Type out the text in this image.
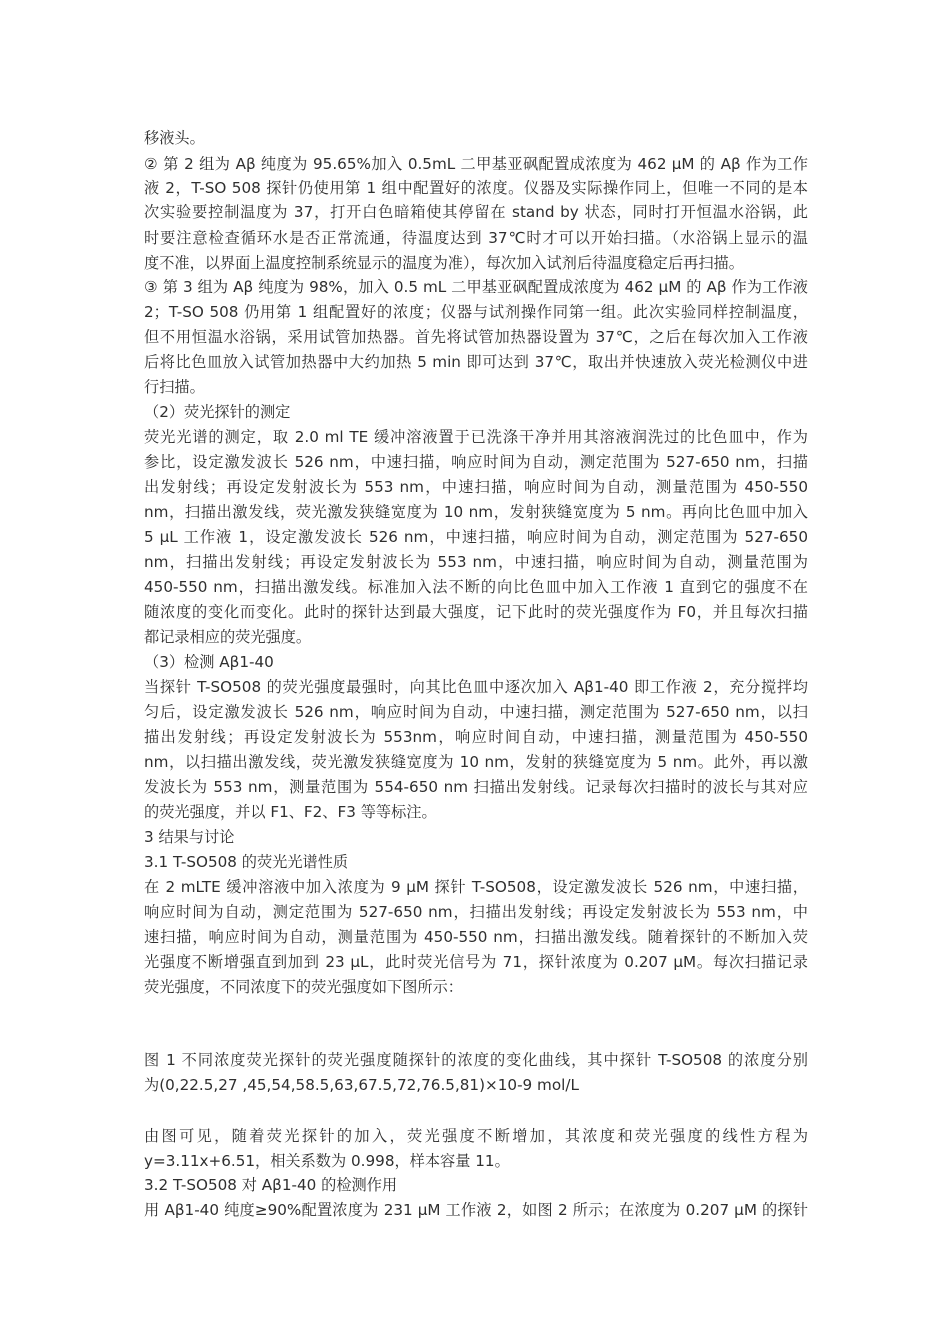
移液头。
② 第 2 组为 Aβ 纯度为 95.65%加入 0.5mL 二甲基亚砜配置成浓度为 462 μM 的 Aβ 作为工作
液 2，T-SO 508 探针仍使用第 1 组中配置好的浓度。仪器及实际操作同上，但唯一不同的是本
次实验要控制温度为 37，打开白色暗箱使其停留在 stand by 状态，同时打开恒温水浴锅，此
时要注意检查循环水是否正常流通，待温度达到 37℃时才可以开始扫描。（水浴锅上显示的温
度不准，以界面上温度控制系统显示的温度为准），每次加入试剂后待温度稳定后再扫描。
③ 第 3 组为 Aβ 纯度为 98%，加入 0.5 mL 二甲基亚砜配置成浓度为 462 μM 的 Aβ 作为工作液
2；T-SO 508 仍用第 1 组配置好的浓度；仪器与试剂操作同第一组。此次实验同样控制温度，
但不用恒温水浴锅，采用试管加热器。首先将试管加热器设置为 37℃，之后在每次加入工作液
后将比色皿放入试管加热器中大约加热 5 min 即可达到 37℃，取出并快速放入荧光检测仪中进
行扫描。
（2）荧光探针的测定
荧光光谱的测定，取 2.0 ml TE 缓冲溶液置于已洗涤干净并用其溶液润洗过的比色皿中，作为
参比，设定激发波长 526 nm，中速扫描，响应时间为自动，测定范围为 527-650 nm，扫描
出发射线；再设定发射波长为 553 nm，中速扫描，响应时间为自动，测量范围为 450-550
nm，扫描出激发线，荧光激发狭缝宽度为 10 nm，发射狭缝宽度为 5 nm。再向比色皿中加入
5 μL 工作液 1，设定激发波长 526 nm，中速扫描，响应时间为自动，测定范围为 527-650
nm，扫描出发射线；再设定发射波长为 553 nm，中速扫描，响应时间为自动，测量范围为
450-550 nm，扫描出激发线。标准加入法不断的向比色皿中加入工作液 1 直到它的强度不在
随浓度的变化而变化。此时的探针达到最大强度，记下此时的荧光强度作为 F0，并且每次扫描
都记录相应的荧光强度。
（3）检测 Aβ1-40
当探针 T-SO508 的荧光强度最强时，向其比色皿中逐次加入 Aβ1-40 即工作液 2，充分搅拌均
匀后，设定激发波长 526 nm，响应时间为自动，中速扫描，测定范围为 527-650 nm，以扫
描出发射线；再设定发射波长为 553nm，响应时间自动，中速扫描，测量范围为 450-550
nm，以扫描出激发线，荧光激发狭缝宽度为 10 nm，发射的狭缝宽度为 5 nm。此外，再以激
发波长为 553 nm，测量范围为 554-650 nm 扫描出发射线。记录每次扫描时的波长与其对应
的荧光强度，并以 F1、F2、F3 等等标注。
3 结果与讨论
3.1 T-SO508 的荧光光谱性质
在 2 mLTE 缓冲溶液中加入浓度为 9 μM 探针 T-SO508，设定激发波长 526 nm，中速扫描，
响应时间为自动，测定范围为 527-650 nm，扫描出发射线；再设定发射波长为 553 nm，中
速扫描，响应时间为自动，测量范围为 450-550 nm，扫描出激发线。随着探针的不断加入荧
光强度不断增强直到加到 23 μL，此时荧光信号为 71，探针浓度为 0.207 μM。每次扫描记录
荧光强度，不同浓度下的荧光强度如下图所示：
图 1 不同浓度荧光探针的荧光强度随探针的浓度的变化曲线，其中探针 T-SO508 的浓度分别
为(0,22.5,27 ,45,54,58.5,63,67.5,72,76.5,81)×10-9 mol/L
由图可见，随着荧光探针的加入，荧光强度不断增加，其浓度和荧光强度的线性方程为
y=3.11x+6.51，相关系数为 0.998，样本容量 11。
3.2 T-SO508 对 Aβ1-40 的检测作用
用 Aβ1-40 纯度≥90%配置浓度为 231 μM 工作液 2，如图 2 所示；在浓度为 0.207 μM 的探针
